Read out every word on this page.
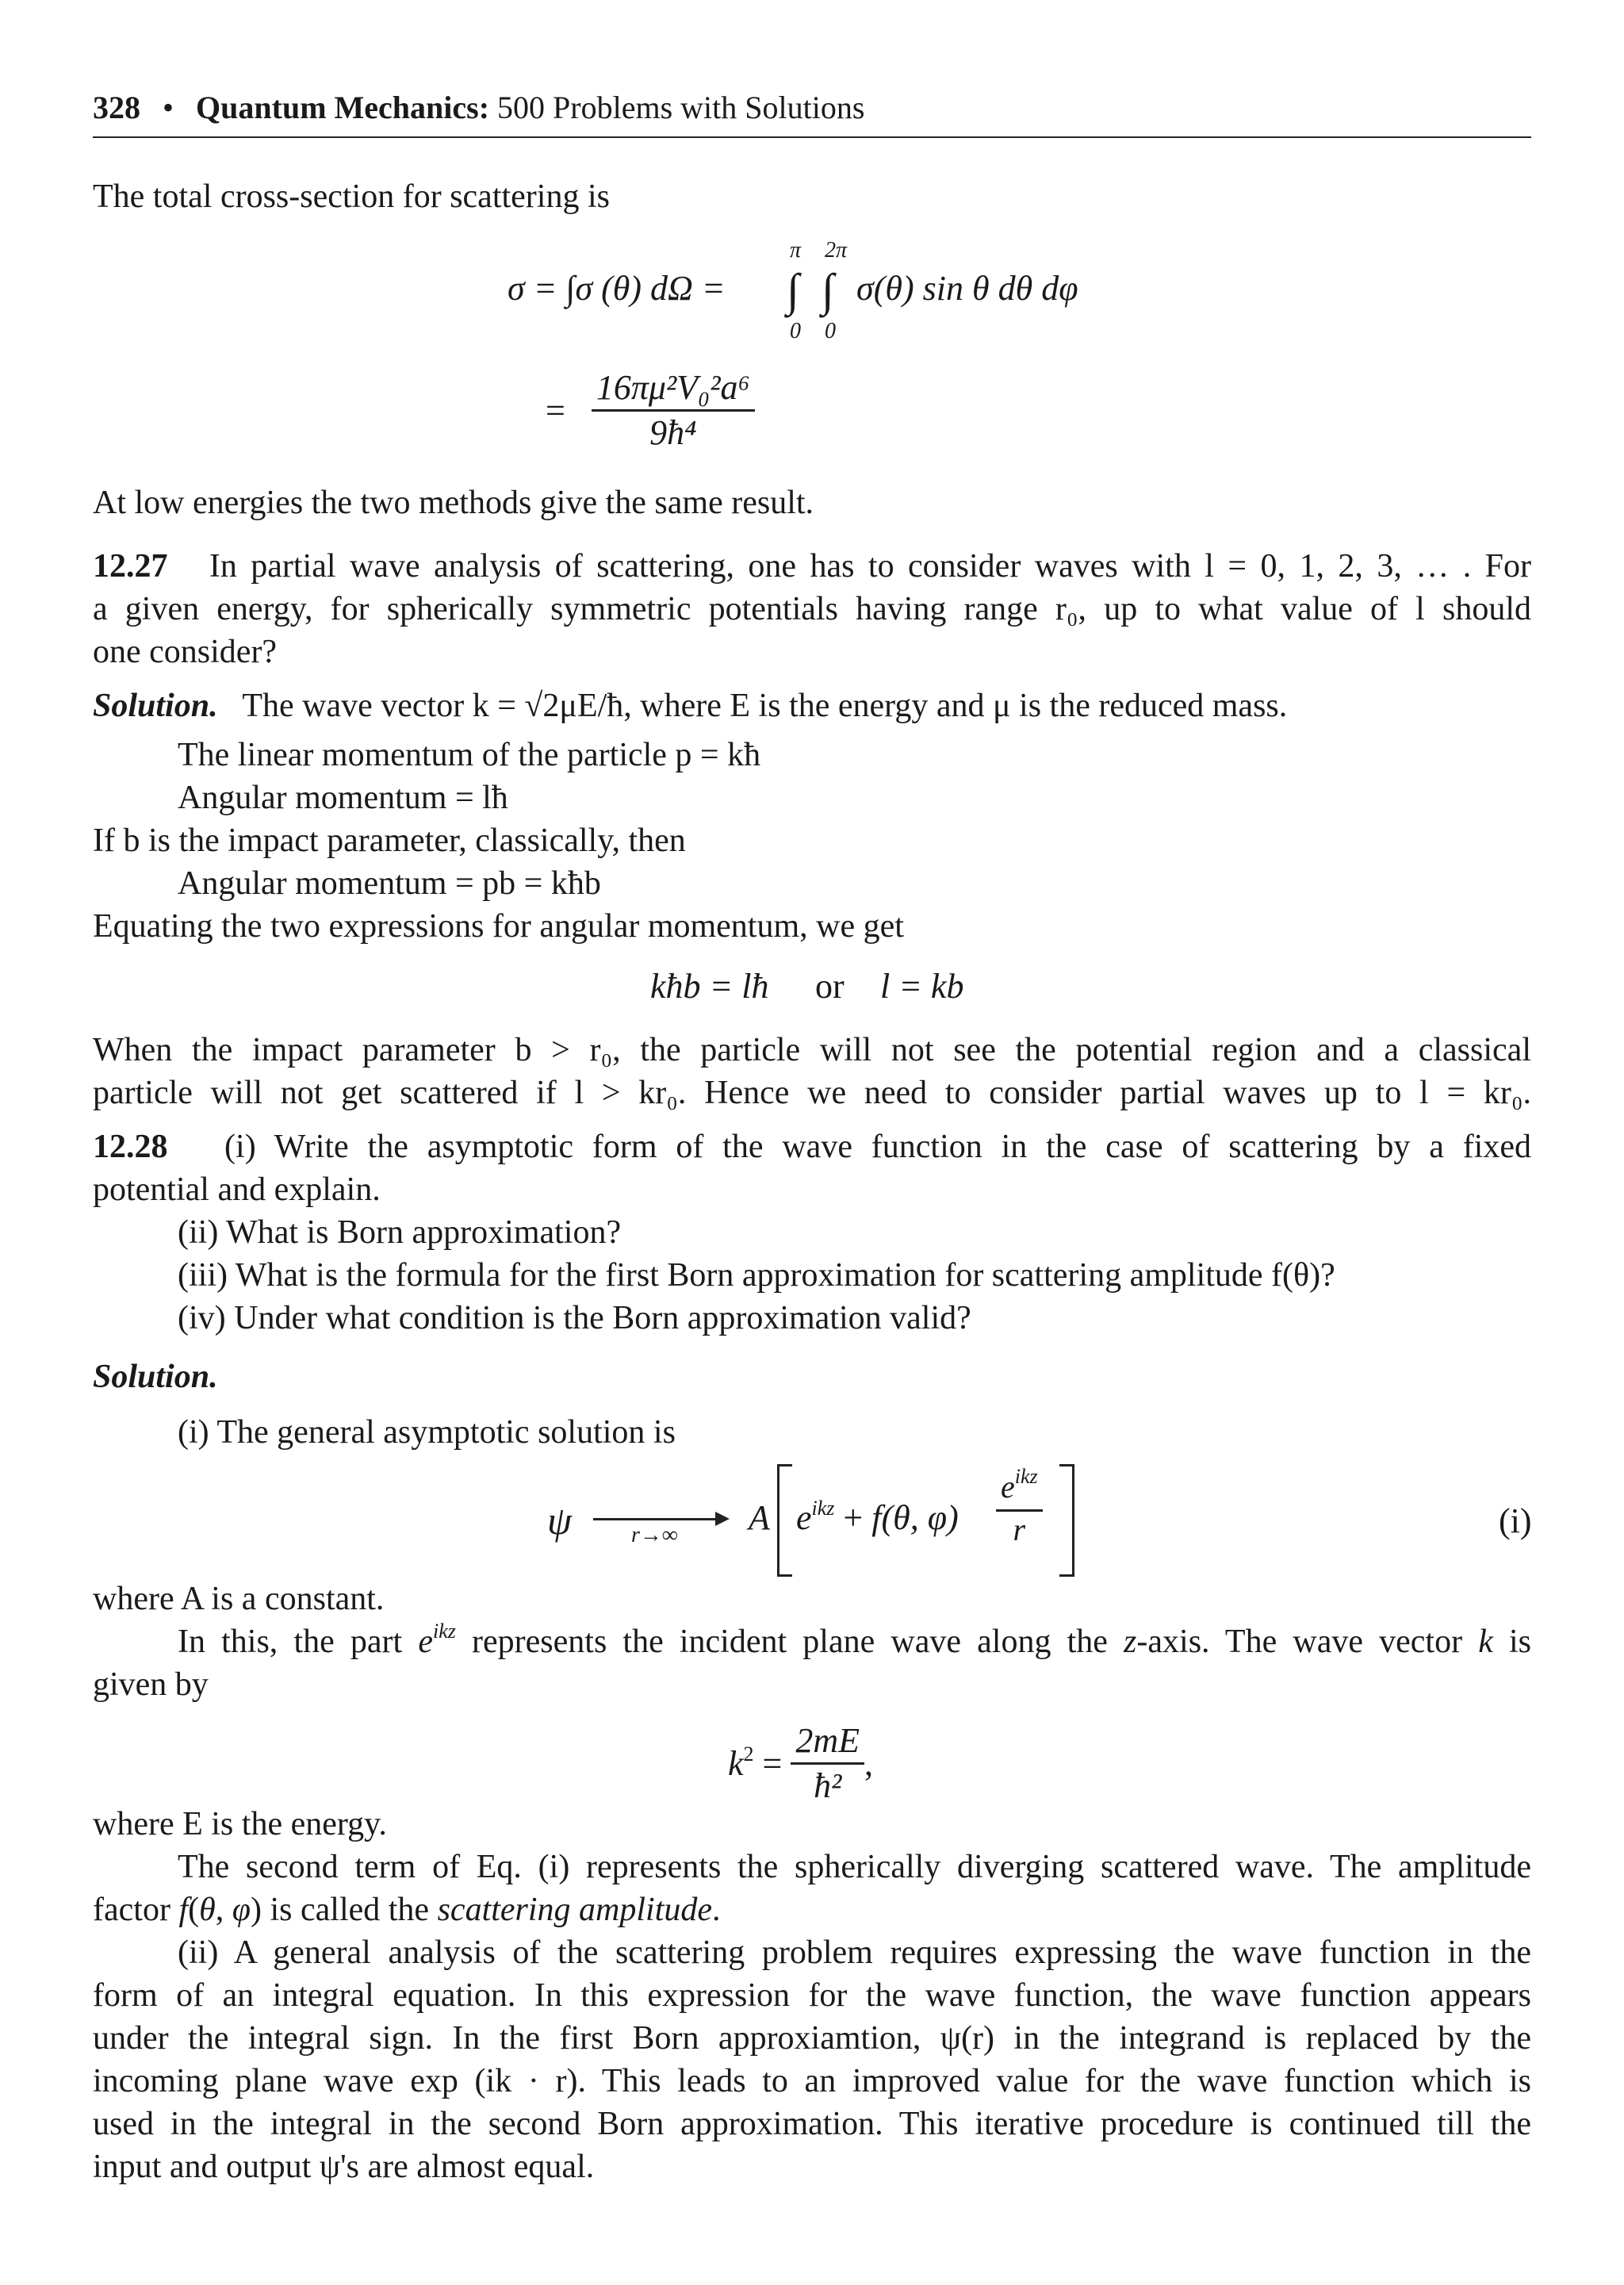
328 • Quantum Mechanics: 500 Problems with Solutions
The total cross-section for scattering is
π 2π
σ = ∫σ (θ) dΩ = ∫ ∫ σ(θ) sin θ dθ dφ
0 0
= $\frac{\text{16πμ²V₀²a⁶}}{\text{9ħ⁴}}$
At low energies the two methods give the same result.
12.27 In partial wave analysis of scattering, one has to consider waves with l = 0, 1, 2, 3, … . For
a given energy, for spherically symmetric potentials having range r₀, up to what value of l should
one consider?
Solution. The wave vector k = √2μE/ħ, where E is the energy and μ is the reduced mass.
The linear momentum of the particle p = kħ
Angular momentum = lħ
If b is the impact parameter, classically, then
Angular momentum = pb = kħb
Equating the two expressions for angular momentum, we get
kħb = lħ or l = kb
When the impact parameter b > r₀, the particle will not see the potential region and a classical
particle will not get scattered if l > kr₀. Hence we need to consider partial waves up to l = kr₀.
12.28 (i) Write the asymptotic form of the wave function in the case of scattering by a fixed
potential and explain.
(ii) What is Born approximation?
(iii) What is the formula for the first Born approximation for scattering amplitude f(θ)?
(iv) Under what condition is the Born approximation valid?
Solution.
(i) The general asymptotic solution is
ψ	r→∞ A $e^{ikz} + f(\theta$, $\varphi) \frac{e^{ikz}}{r}$	(i)
where A is a constant.
In this, the part $e^{ikz}$ represents the incident plane wave along the z-axis. The wave vector k is
given by
$k^2 = \frac{2mE}{\text{ħ²}}$ ,
where E is the energy.
The second term of Eq. (i) represents the spherically diverging scattered wave. The amplitude
factor f(θ, φ) is called the scattering amplitude.
(ii) A general analysis of the scattering problem requires expressing the wave function in the
form of an integral equation. In this expression for the wave function, the wave function appears
under the integral sign. In the first Born approxiamtion, ψ(r) in the integrand is replaced by the
incoming plane wave exp (ik · r). This leads to an improved value for the wave function which is
used in the integral in the second Born approximation. This iterative procedure is continued till the
input and output ψ's are almost equal.
